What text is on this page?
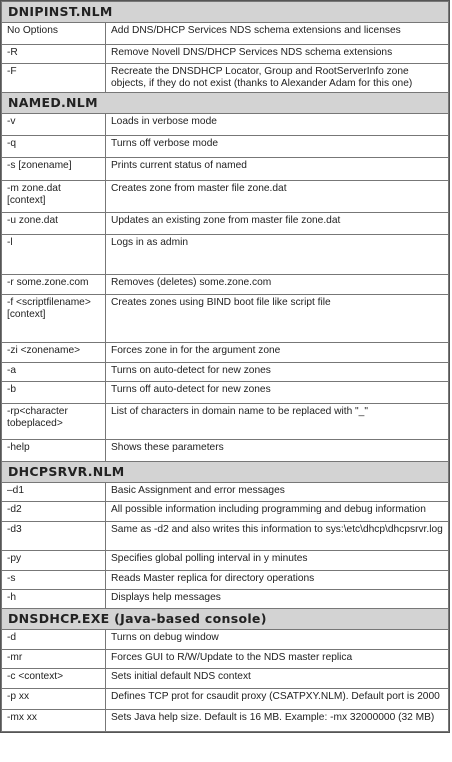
DNIPINST.NLM	
No Options	Add DNS/DHCP Services NDS schema extensions and licenses
-R	Remove Novell DNS/DHCP Services NDS schema extensions
-F	Recreate the DNSDHCP Locator, Group and RootServerInfo zone objects, if they do not exist (thanks to Alexander Adam for this one)
NAMED.NLM	
-v	Loads in verbose mode
-q	Turns off verbose mode
-s [zonename]	Prints current status of named
-m zone.dat [context]	Creates zone from master file zone.dat
-u zone.dat	Updates an existing zone from master file zone.dat
-l	Logs in as admin
-r some.zone.com	Removes (deletes) some.zone.com
-f <scriptfilename> [context]	Creates zones using BIND boot file like script file
-zi <zonename>	Forces zone in for the argument zone
-a	Turns on auto-detect for new zones
-b	Turns off auto-detect for new zones
-rp<character tobeplaced>	List of characters in domain name to be replaced with "_"
-help	Shows these parameters
DHCPSRVR.NLM	
–d1	Basic Assignment and error messages
-d2	All possible information including programming and debug information
-d3	Same as -d2 and also writes this information to sys:\etc\dhcp\dhcpsrvr.log
-py	Specifies global polling interval in y minutes
-s	Reads Master replica for directory operations
-h	Displays help messages
DNSDHCP.EXE (Java-based console)	
-d	Turns on debug window
-mr	Forces GUI to R/W/Update to the NDS master replica
-c <context>	Sets initial default NDS context
-p xx	Defines TCP prot for csaudit proxy (CSATPXY.NLM). Default port is 2000
-mx xx	Sets Java help size. Default is 16 MB. Example: -mx 32000000 (32 MB)
